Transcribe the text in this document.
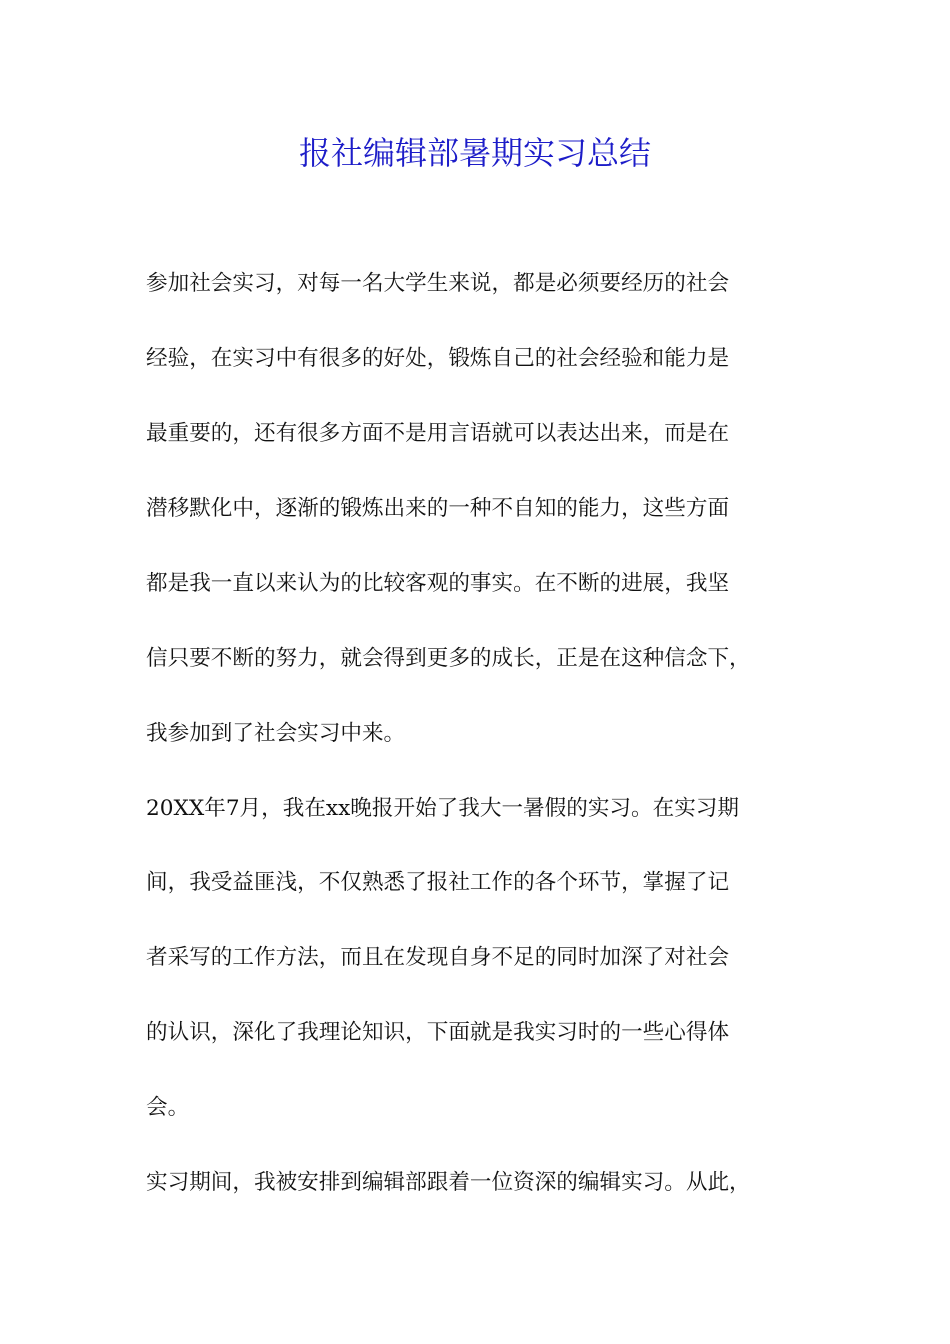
报社编辑部暑期实习总结

参加社会实习，对每一名大学生来说，都是必须要经历的社会

经验，在实习中有很多的好处，锻炼自己的社会经验和能力是

最重要的，还有很多方面不是用言语就可以表达出来，而是在

潜移默化中，逐渐的锻炼出来的一种不自知的能力，这些方面

都是我一直以来认为的比较客观的事实。在不断的进展，我坚

信只要不断的努力，就会得到更多的成长，正是在这种信念下，

我参加到了社会实习中来。

20XX年7月，我在xx晚报开始了我大一暑假的实习。在实习期

间，我受益匪浅，不仅熟悉了报社工作的各个环节，掌握了记

者采写的工作方法，而且在发现自身不足的同时加深了对社会

的认识，深化了我理论知识，下面就是我实习时的一些心得体

会。

实习期间，我被安排到编辑部跟着一位资深的编辑实习。从此，
